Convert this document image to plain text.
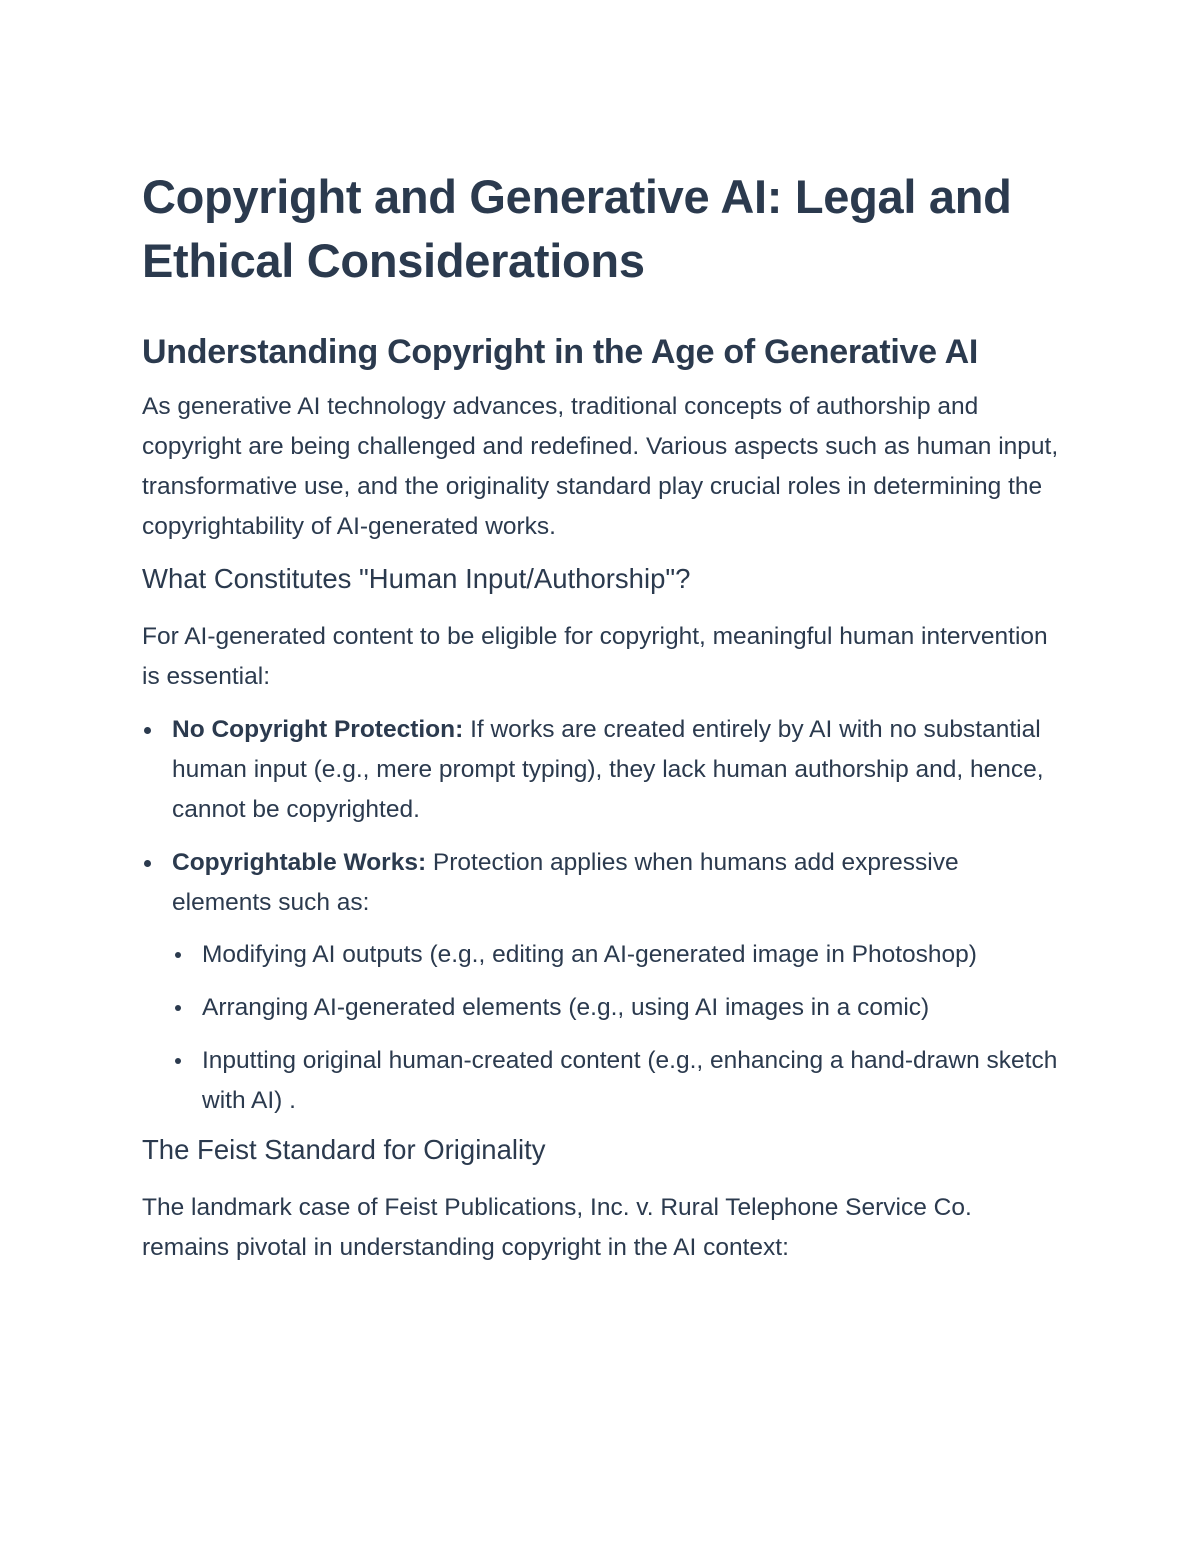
Copyright and Generative AI: Legal and Ethical Considerations
Understanding Copyright in the Age of Generative AI

As generative AI technology advances, traditional concepts of authorship and copyright are being challenged and redefined. Various aspects such as human input, transformative use, and the originality standard play crucial roles in determining the copyrightability of AI-generated works.

What Constitutes "Human Input/Authorship"?

For AI-generated content to be eligible for copyright, meaningful human intervention is essential:

No Copyright Protection: If works are created entirely by AI with no substantial human input (e.g., mere prompt typing), they lack human authorship and, hence, cannot be copyrighted.
Copyrightable Works: Protection applies when humans add expressive elements such as:
Modifying AI outputs (e.g., editing an AI-generated image in Photoshop)
Arranging AI-generated elements (e.g., using AI images in a comic)
Inputting original human-created content (e.g., enhancing a hand-drawn sketch with AI) .
The Feist Standard for Originality

The landmark case of Feist Publications, Inc. v. Rural Telephone Service Co. remains pivotal in understanding copyright in the AI context:
